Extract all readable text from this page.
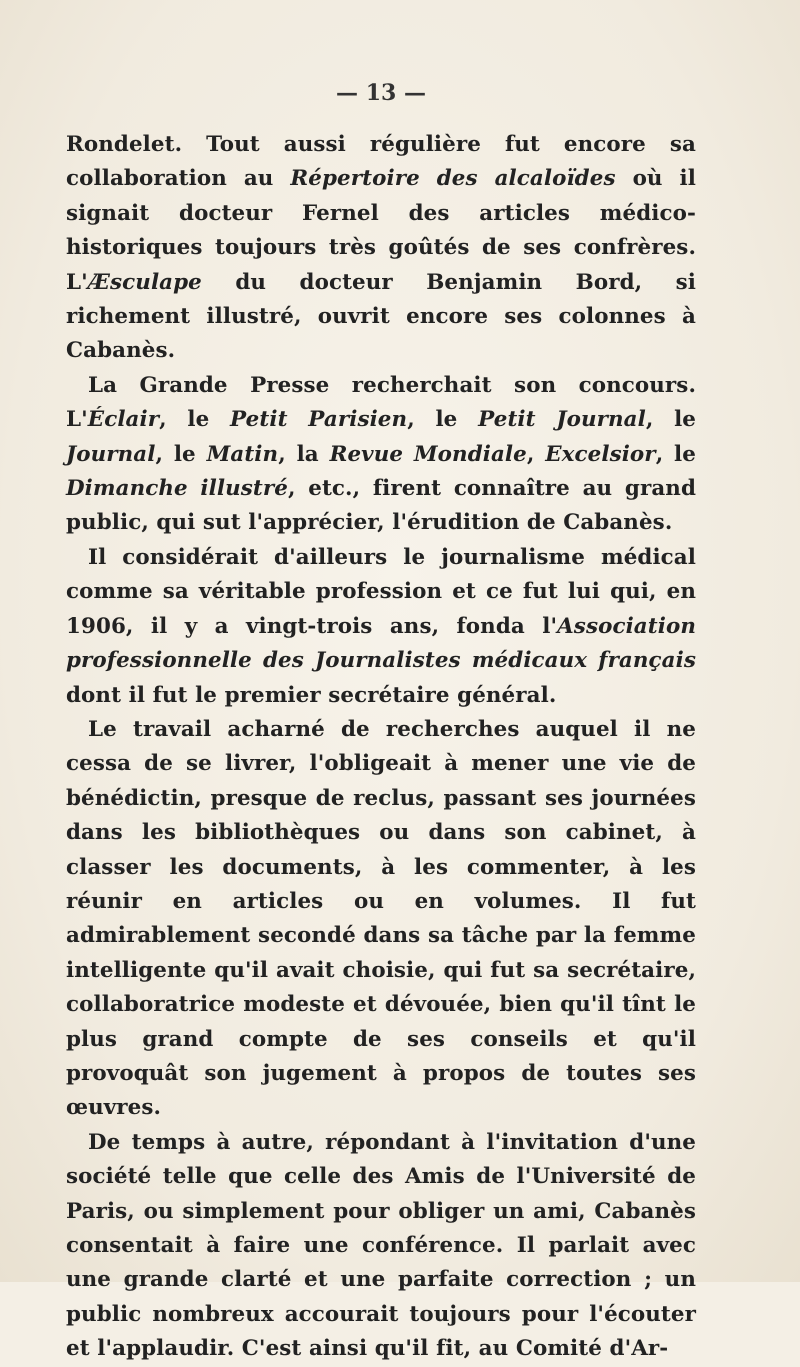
— 13 —

Rondelet. Tout aussi régulière fut encore sa collaboration au Répertoire des alcaloïdes où il signait docteur Fernel des articles médico-historiques toujours très goûtés de ses confrères. L'Æsculape du docteur Benjamin Bord, si richement illustré, ouvrit encore ses colonnes à Cabanès.

La Grande Presse recherchait son concours. L'Éclair, le Petit Parisien, le Petit Journal, le Journal, le Matin, la Revue Mondiale, Excelsior, le Dimanche illustré, etc., firent connaître au grand public, qui sut l'apprécier, l'érudition de Cabanès.

Il considérait d'ailleurs le journalisme médical comme sa véritable profession et ce fut lui qui, en 1906, il y a vingt-trois ans, fonda l'Association professionnelle des Journalistes médicaux français dont il fut le premier secrétaire général.

Le travail acharné de recherches auquel il ne cessa de se livrer, l'obligeait à mener une vie de bénédictin, presque de reclus, passant ses journées dans les bibliothèques ou dans son cabinet, à classer les documents, à les commenter, à les réunir en articles ou en volumes. Il fut admirablement secondé dans sa tâche par la femme intelligente qu'il avait choisie, qui fut sa secrétaire, collaboratrice modeste et dévouée, bien qu'il tînt le plus grand compte de ses conseils et qu'il provoquât son jugement à propos de toutes ses œuvres.

De temps à autre, répondant à l'invitation d'une société telle que celle des Amis de l'Université de Paris, ou simplement pour obliger un ami, Cabanès consentait à faire une conférence. Il parlait avec une grande clarté et une parfaite correction ; un public nombreux accourait toujours pour l'écouter et l'applaudir. C'est ainsi qu'il fit, au Comité d'Ar-
